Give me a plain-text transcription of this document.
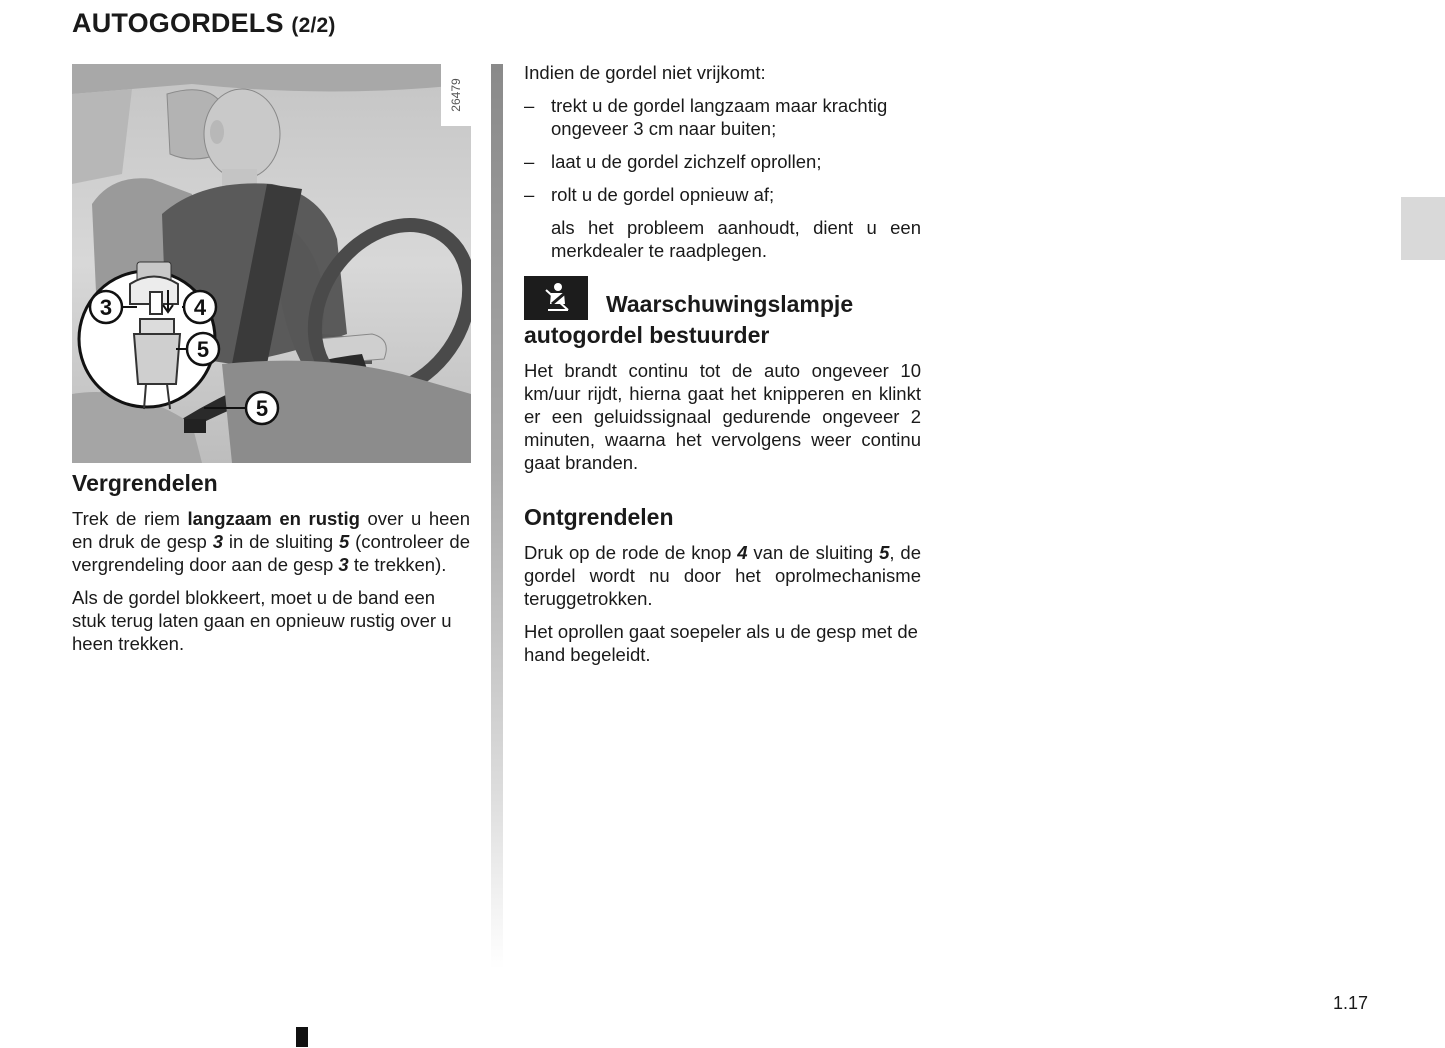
AUTOGORDELS (2/2)
3	4
5
5
26479
Vergrendelen

Trek de riem langzaam en rustig over u heen en druk de gesp 3 in de sluiting 5 (controleer de vergrendeling door aan de gesp 3 te trekken).

Als de gordel blokkeert, moet u de band een stuk terug laten gaan en opnieuw rustig over u heen trekken.

Indien de gordel niet vrijkomt:

– trekt u de gordel langzaam maar krachtig ongeveer 3 cm naar buiten;
– laat u de gordel zichzelf oprollen;
– rolt u de gordel opnieuw af;

als het probleem aanhoudt, dient u een merkdealer te raadplegen.

Waarschuwingslampje autogordel bestuurder

Het brandt continu tot de auto ongeveer 10 km/uur rijdt, hierna gaat het knipperen en klinkt er een geluidssignaal gedurende ongeveer 2 minuten, waarna het vervolgens weer continu gaat branden.

Ontgrendelen

Druk op de rode de knop 4 van de sluiting 5, de gordel wordt nu door het oprolmechanisme teruggetrokken.

Het oprollen gaat soepeler als u de gesp met de hand begeleidt.

1.17
